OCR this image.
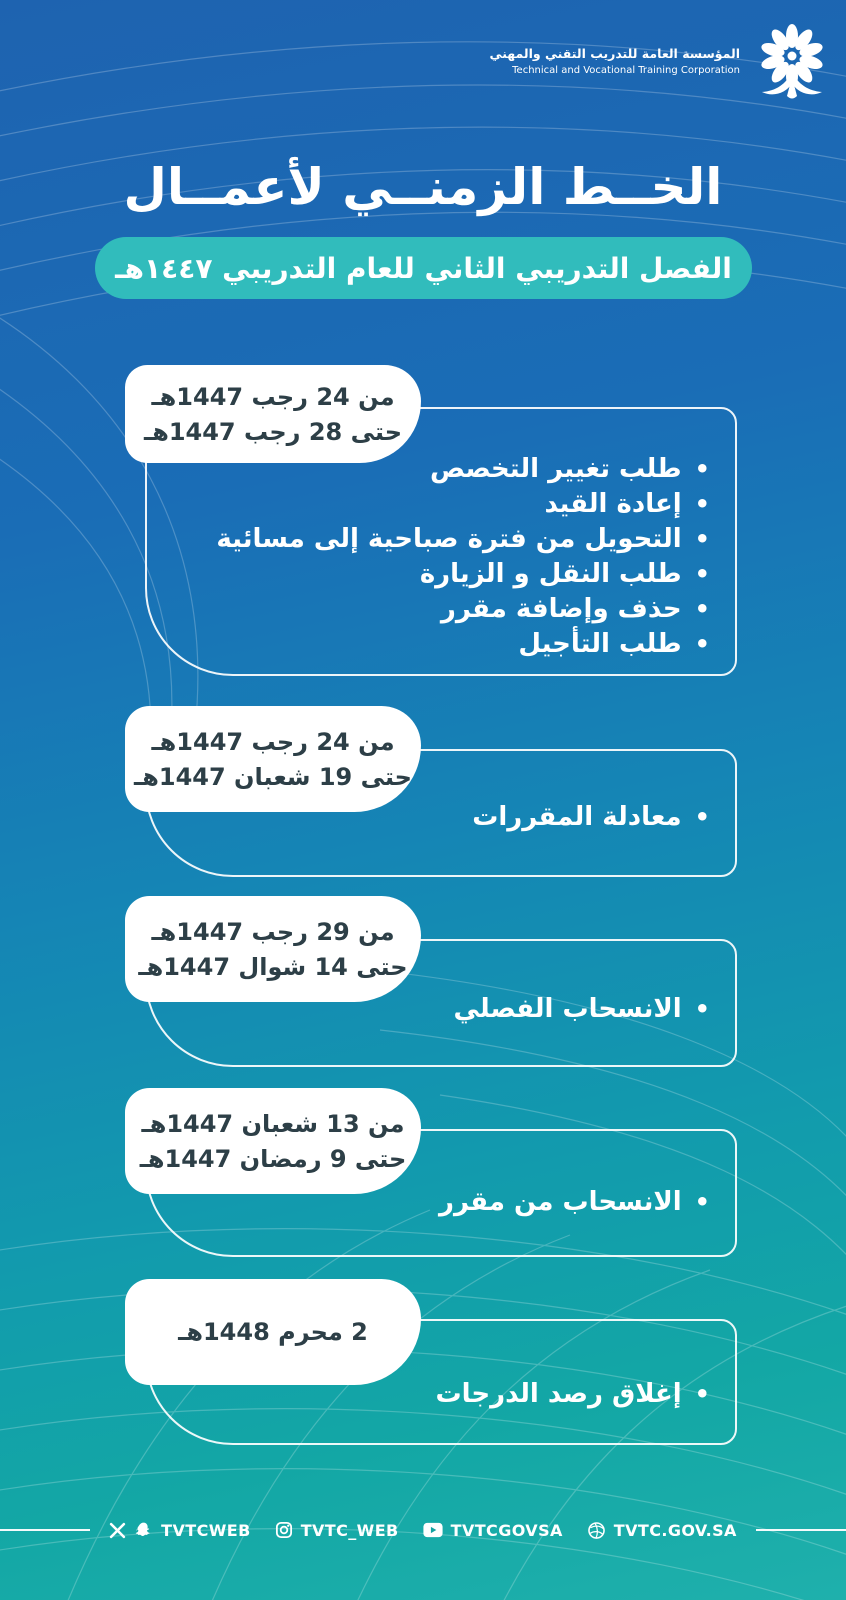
المؤسسة العامة للتدريب التقني والمهني
Technical and Vocational Training Corporation
الخــط الزمنــي لأعمــال
الفصل التدريبي الثاني للعام التدريبي ١٤٤٧هـ
من 24 رجب 1447هـ
حتى 28 رجب 1447هـ
•
طلب تغيير التخصص
•
إعادة القيد
•
التحويل من فترة صباحية إلى مسائية
•
طلب النقل و الزيارة
•
حذف وإضافة مقرر
•
طلب التأجيل
من 24 رجب 1447هـ
حتى 19 شعبان 1447هـ
•
معادلة المقررات
من 29 رجب 1447هـ
حتى 14 شوال 1447هـ
•
الانسحاب الفصلي
من 13 شعبان 1447هـ
حتى 9 رمضان 1447هـ
•
الانسحاب من مقرر
2 محرم 1448هـ
•
إغلاق رصد الدرجات
TVTCWEB	TVTC_WEB	TVTCGOVSA	TVTC.GOV.SA
